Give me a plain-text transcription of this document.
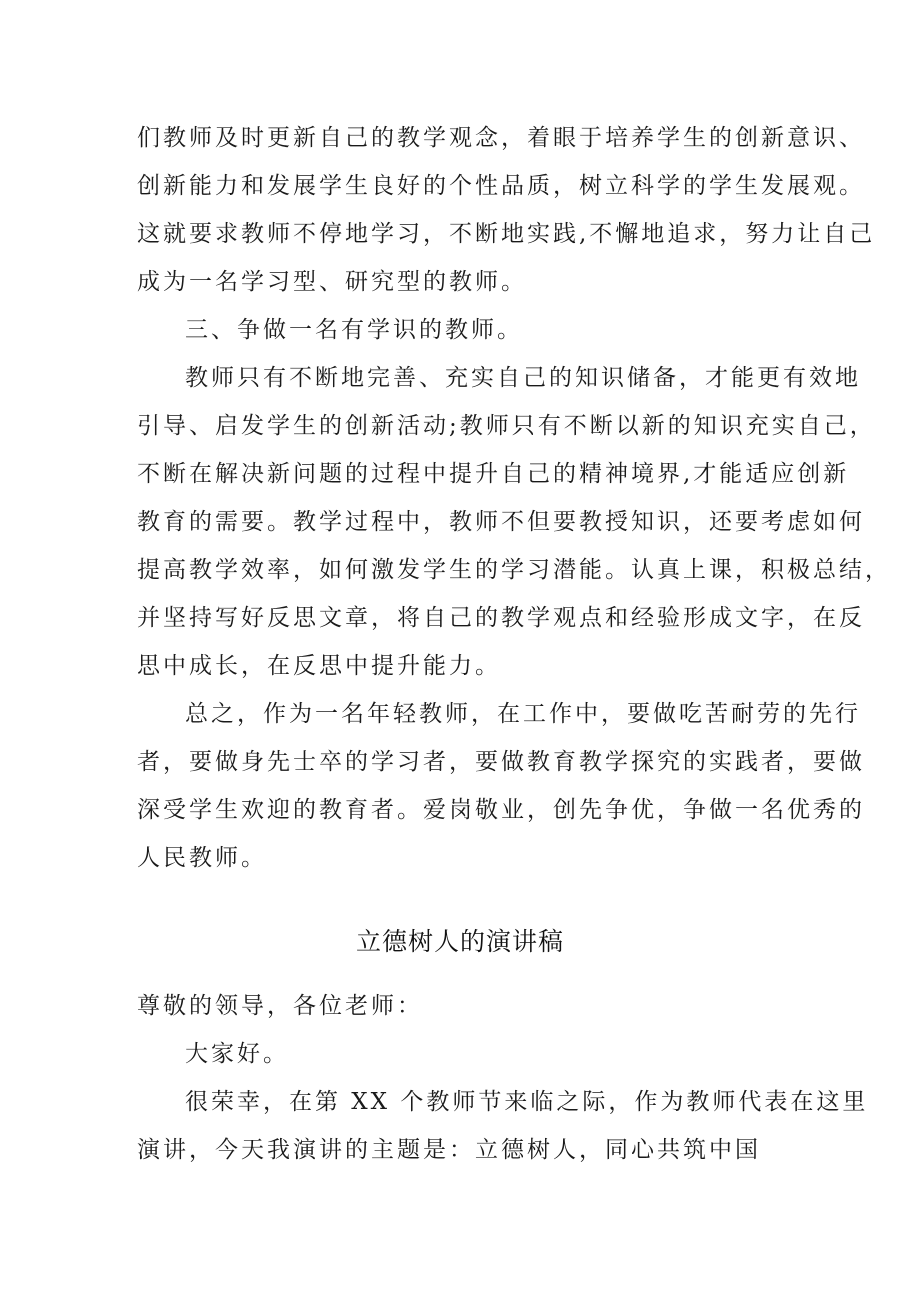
们教师及时更新自己的教学观念，着眼于培养学生的创新意识、
创新能力和发展学生良好的个性品质，树立科学的学生发展观。
这就要求教师不停地学习，不断地实践,不懈地追求，努力让自己
成为一名学习型、研究型的教师。
三、争做一名有学识的教师。
教师只有不断地完善、充实自己的知识储备，才能更有效地
引导、启发学生的创新活动;教师只有不断以新的知识充实自己，
不断在解决新问题的过程中提升自己的精神境界,才能适应创新
教育的需要。教学过程中，教师不但要教授知识，还要考虑如何
提高教学效率，如何激发学生的学习潜能。认真上课，积极总结，
并坚持写好反思文章，将自己的教学观点和经验形成文字，在反
思中成长，在反思中提升能力。
总之，作为一名年轻教师，在工作中，要做吃苦耐劳的先行
者，要做身先士卒的学习者，要做教育教学探究的实践者，要做
深受学生欢迎的教育者。爱岗敬业，创先争优，争做一名优秀的
人民教师。
立德树人的演讲稿
尊敬的领导，各位老师：
大家好。
很荣幸，在第 XX 个教师节来临之际，作为教师代表在这里
演讲，今天我演讲的主题是：立德树人，同心共筑中国
